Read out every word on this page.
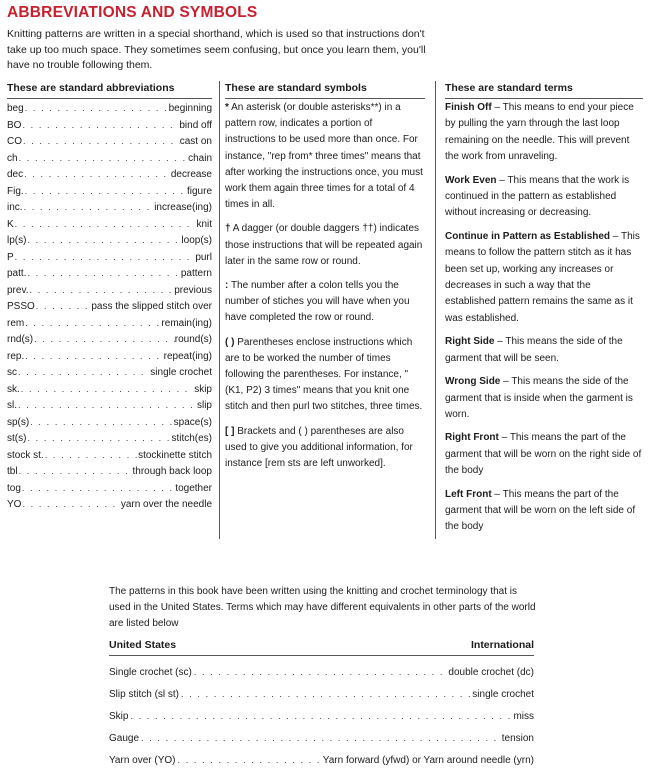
ABBREVIATIONS AND SYMBOLS
Knitting patterns are written in a special shorthand, which is used so that instructions don't take up too much space. They sometimes seem confusing, but once you learn them, you'll have no trouble following them.
These are standard abbreviations
beg . . .	beginning
BO . . .	bind off
CO . . .	cast on
ch . . .	chain
dec . . .	decrease
Fig. . . .	figure
inc. . . .	increase(ing)
K . . .	knit
lp(s) . . .	loop(s)
P . . .	purl
patt. . . .	pattern
prev. . . .	previous
PSSO . . .	pass the slipped stitch over
rem . . .	remain(ing)
rnd(s) . . .	round(s)
rep. . . .	repeat(ing)
sc . . .	single crochet
sk. . . .	skip
sl. . . .	slip
sp(s) . . .	space(s)
st(s) . . .	stitch(es)
stock st. . . .	stockinette stitch
tbl . . .	through back loop
tog . . .	together
YO . . .	yarn over the needle
These are standard symbols

* An asterisk (or double asterisks**) in a pattern row, indicates a portion of instructions to be used more than once. For instance, "rep from* three times" means that after working the instructions once, you must work them again three times for a total of 4 times in all.

† A dagger (or double daggers ††) indicates those instructions that will be repeated again later in the same row or round.

: The number after a colon tells you the number of stiches you will have when you have completed the row or round.

( ) Parentheses enclose instructions which are to be worked the number of times following the parentheses. For instance, "(K1, P2) 3 times" means that you knit one stitch and then purl two stitches, three times.

[ ] Brackets and ( ) parentheses are also used to give you additional information, for instance [rem sts are left unworked].

These are standard terms

Finish Off – This means to end your piece by pulling the yarn through the last loop remaining on the needle. This will prevent the work from unraveling.

Work Even – This means that the work is continued in the pattern as established without increasing or decreasing.

Continue in Pattern as Established – This means to follow the pattern stitch as it has been set up, working any increases or decreases in such a way that the established pattern remains the same as it was established.

Right Side – This means the side of the garment that will be seen.

Wrong Side – This means the side of the garment that is inside when the garment is worn.

Right Front – This means the part of the garment that will be worn on the right side of the body

Left Front – This means the part of the garment that will be worn on the left side of the body

The patterns in this book have been written using the knitting and crochet terminology that is used in the United States. Terms which may have different equivalents in other parts of the world are listed below
United States	International
Single crochet (sc) . . .	double crochet (dc)
Slip stitch (sl st) . . .	single crochet
Skip . . .	miss
Gauge . . .	tension
Yarn over (YO) . . .	Yarn forward (yfwd) or Yarn around needle (yrn)
